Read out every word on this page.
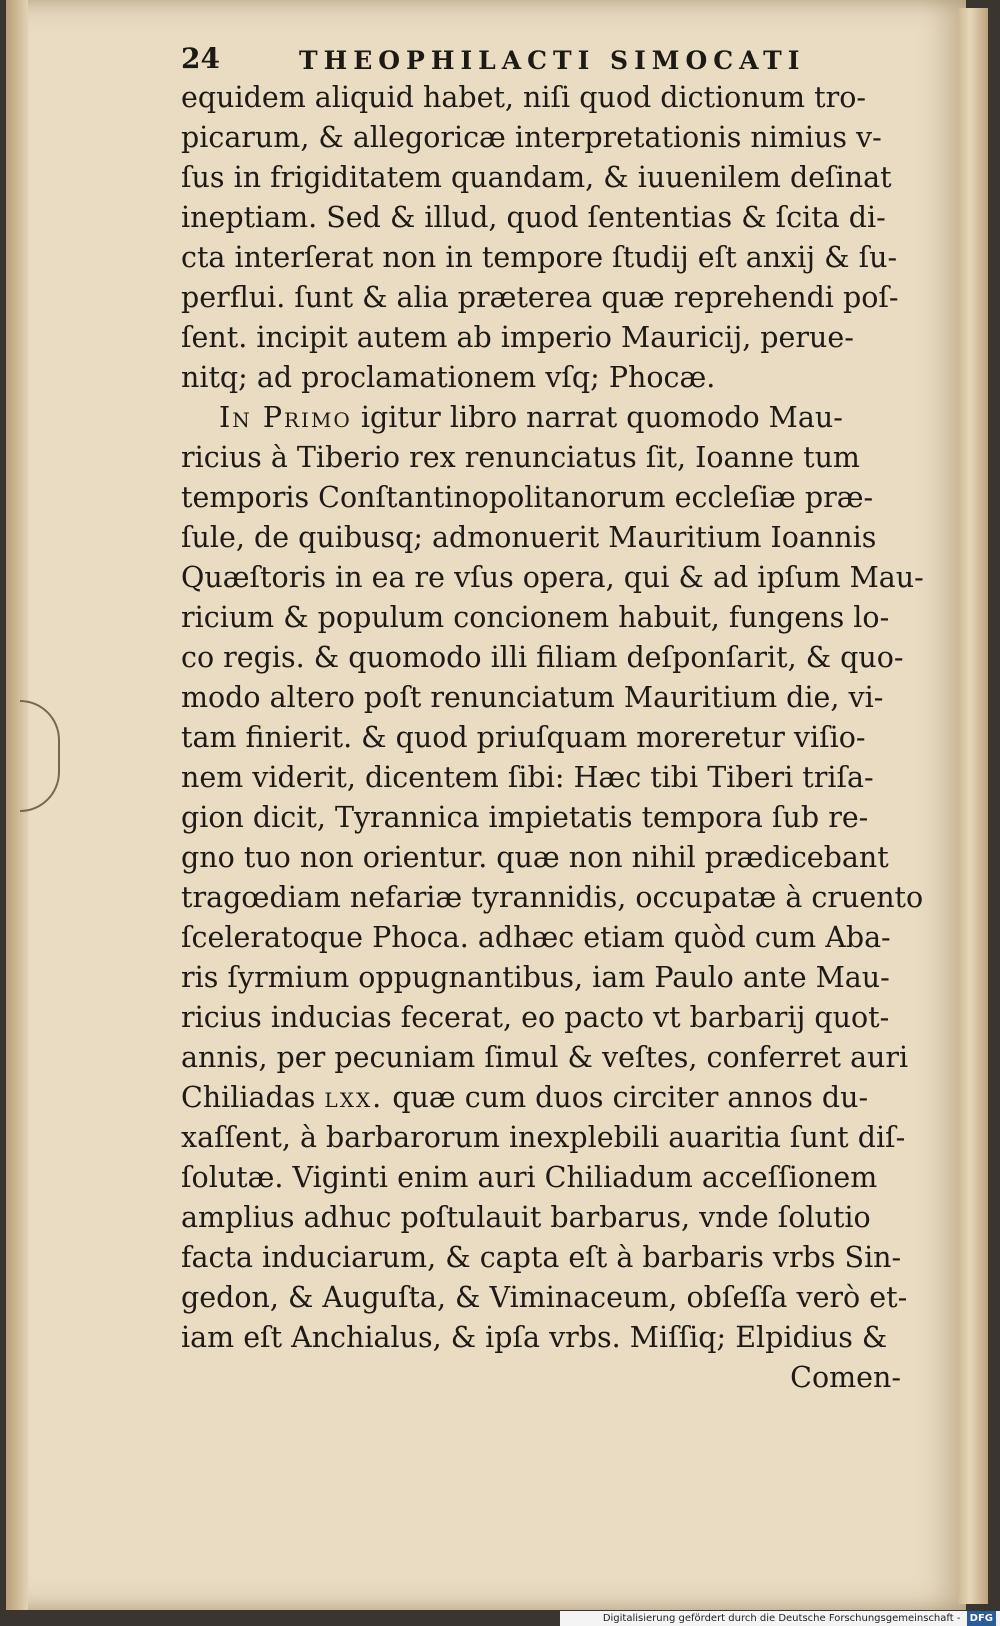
24	THEOPHILACTI SIMOCATI
equidem aliquid habet, niſi quod dictionum tro-
picarum, & allegoricæ interpretationis nimius v-
ſus in frigiditatem quandam, & iuuenilem deſinat
ineptiam. Sed & illud, quod ſententias & ſcita di-
cta interſerat non in tempore ſtudij eſt anxij & ſu-
perflui. ſunt & alia præterea quæ reprehendi poſ-
ſent. incipit autem ab imperio Mauricij, perue-
nitq; ad proclamationem vſq; Phocæ.
In Primo igitur libro narrat quomodo Mau-
ricius à Tiberio rex renunciatus ſit, Ioanne tum
temporis Conſtantinopolitanorum eccleſiæ præ-
ſule, de quibusq; admonuerit Mauritium Ioannis
Quæſtoris in ea re vſus opera, qui & ad ipſum Mau-
ricium & populum concionem habuit, fungens lo-
co regis. & quomodo illi filiam deſponſarit, & quo-
modo altero poſt renunciatum Mauritium die, vi-
tam finierit. & quod priuſquam moreretur viſio-
nem viderit, dicentem ſibi: Hæc tibi Tiberi triſa-
gion dicit, Tyrannica impietatis tempora ſub re-
gno tuo non orientur. quæ non nihil prædicebant
tragœdiam nefariæ tyrannidis, occupatæ à cruento
ſceleratoque Phoca. adhæc etiam quòd cum Aba-
ris ſyrmium oppugnantibus, iam Paulo ante Mau-
ricius inducias fecerat, eo pacto vt barbarij quot-
annis, per pecuniam ſimul & veſtes, conferret auri
Chiliadas lxx. quæ cum duos circiter annos du-
xaſſent, à barbarorum inexplebili auaritia ſunt diſ-
ſolutæ. Viginti enim auri Chiliadum acceſſionem
amplius adhuc poſtulauit barbarus, vnde ſolutio
facta induciarum, & capta eſt à barbaris vrbs Sin-
gedon, & Auguſta, & Viminaceum, obſeſſa verò et-
iam eſt Anchialus, & ipſa vrbs. Miſſiq; Elpidius &
Comen-
Digitalisierung gefördert durch die Deutsche Forschungsgemeinschaft - DFG
